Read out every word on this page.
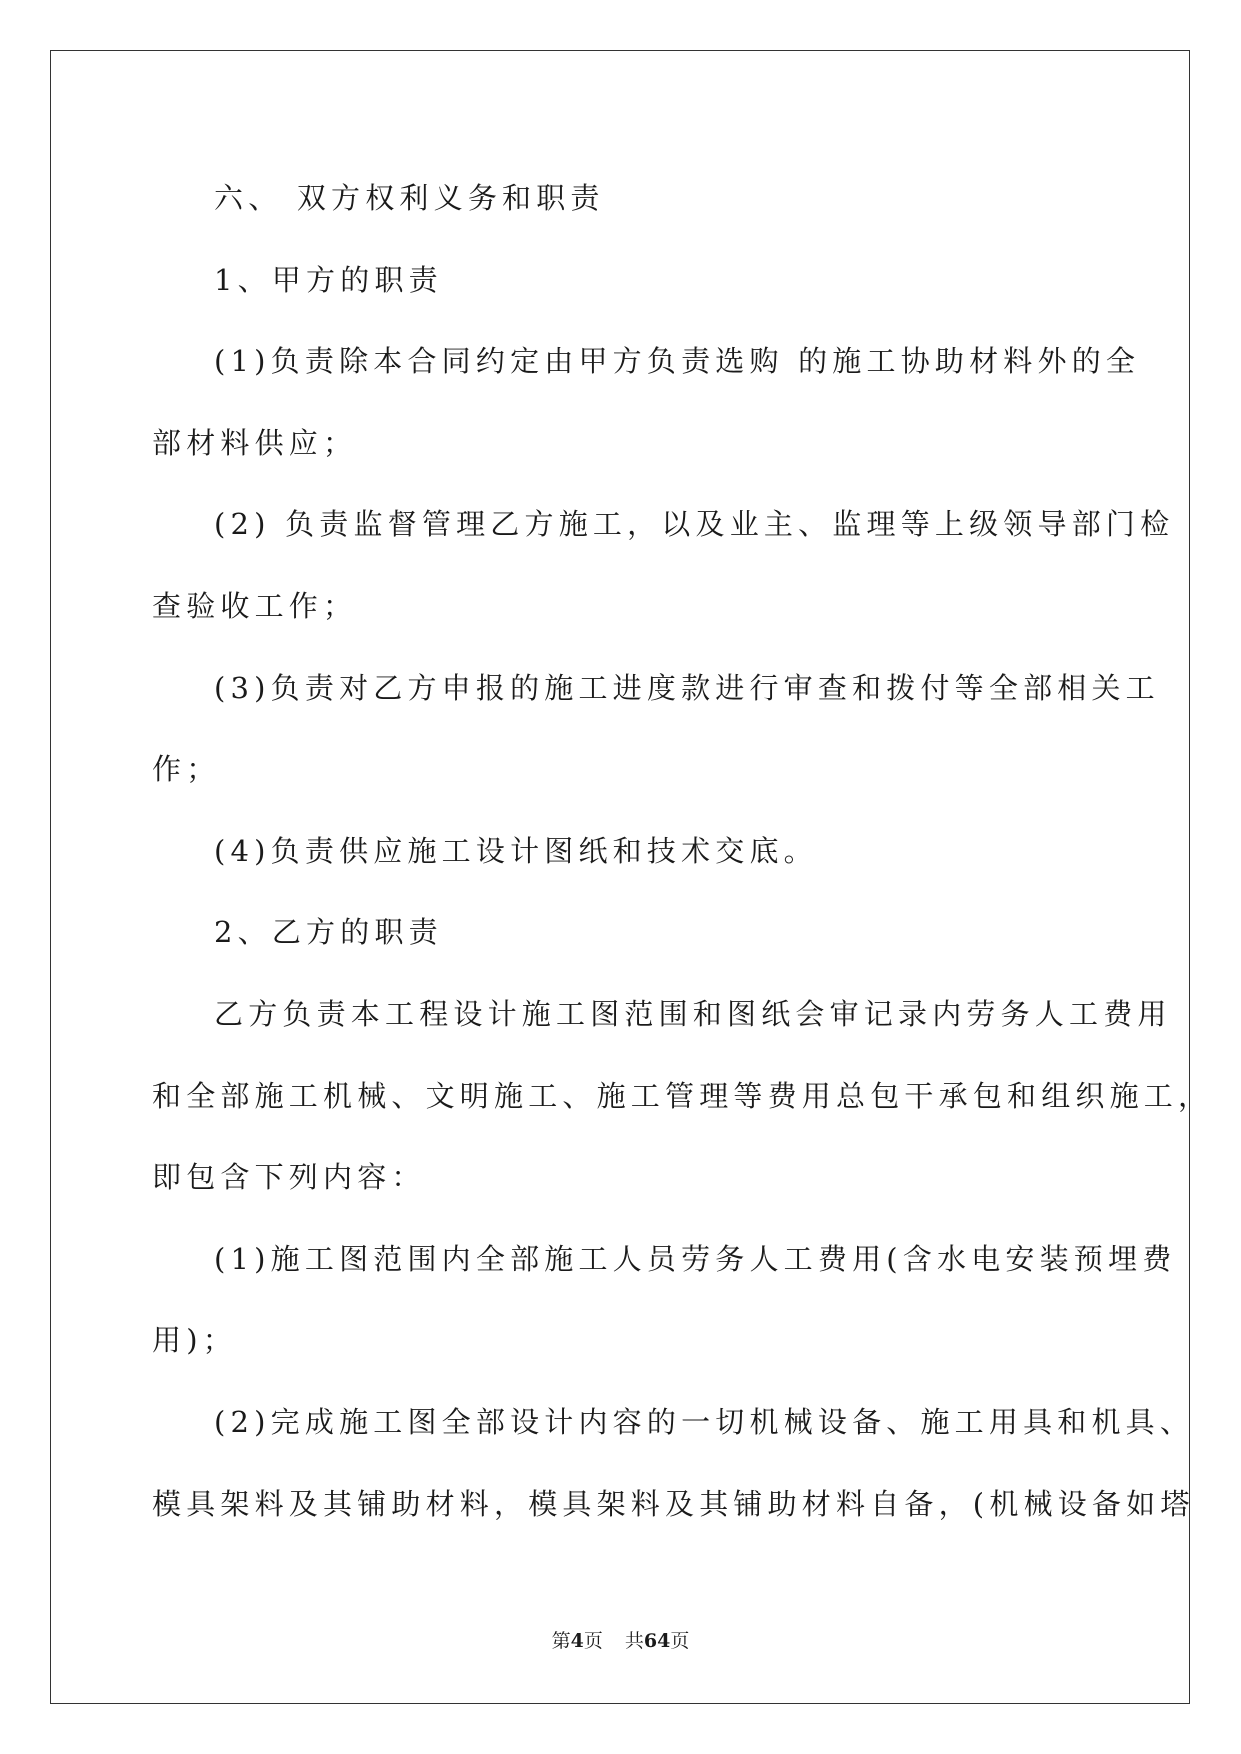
六、 双方权利义务和职责
1、甲方的职责
(1)负责除本合同约定由甲方负责选购 的施工协助材料外的全
部材料供应；
(2) 负责监督管理乙方施工，以及业主、监理等上级领导部门检
查验收工作；
(3)负责对乙方申报的施工进度款进行审查和拨付等全部相关工
作；
(4)负责供应施工设计图纸和技术交底。
2、乙方的职责
乙方负责本工程设计施工图范围和图纸会审记录内劳务人工费用
和全部施工机械、文明施工、施工管理等费用总包干承包和组织施工，
即包含下列内容：
(1)施工图范围内全部施工人员劳务人工费用(含水电安装预埋费
用)；
(2)完成施工图全部设计内容的一切机械设备、施工用具和机具、
模具架料及其铺助材料，模具架料及其铺助材料自备，(机械设备如塔
第4页 共64页
